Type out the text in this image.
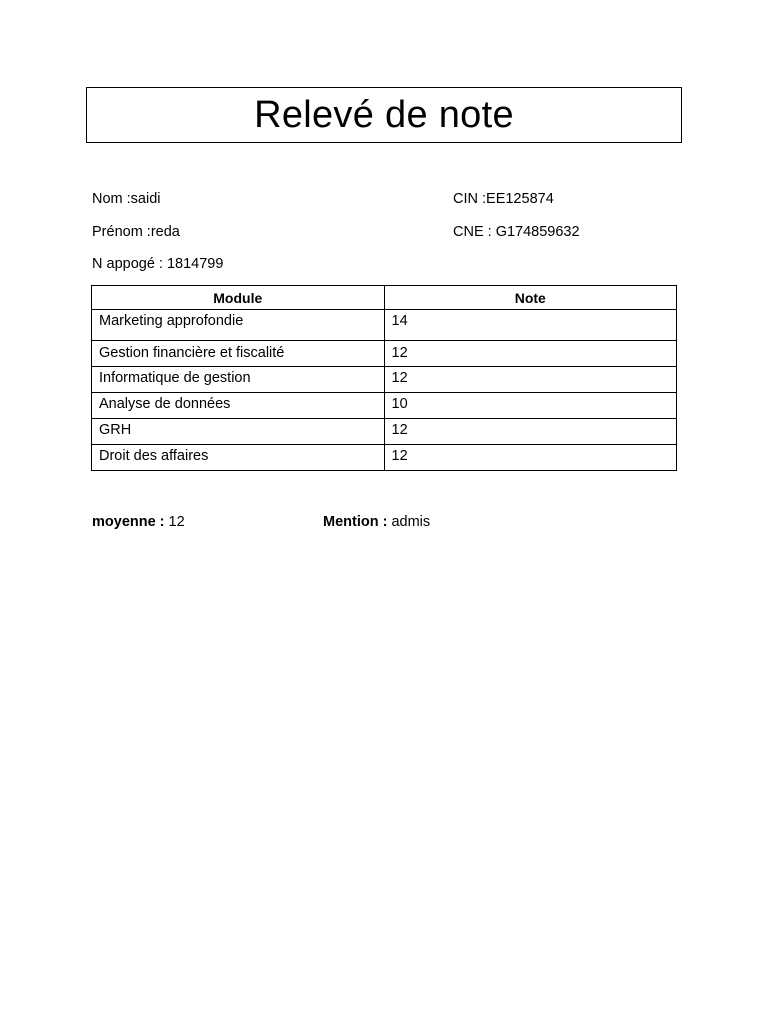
Relevé de note
Nom :saidi	CIN :EE125874
Prénom :reda	CNE : G174859632
N appogé : 1814799
Module	Note
Marketing approfondie	14
Gestion financière et fiscalité	12
Informatique de gestion	12
Analyse de données	10
GRH	12
Droit des affaires	12
moyenne : 12	Mention : admis
